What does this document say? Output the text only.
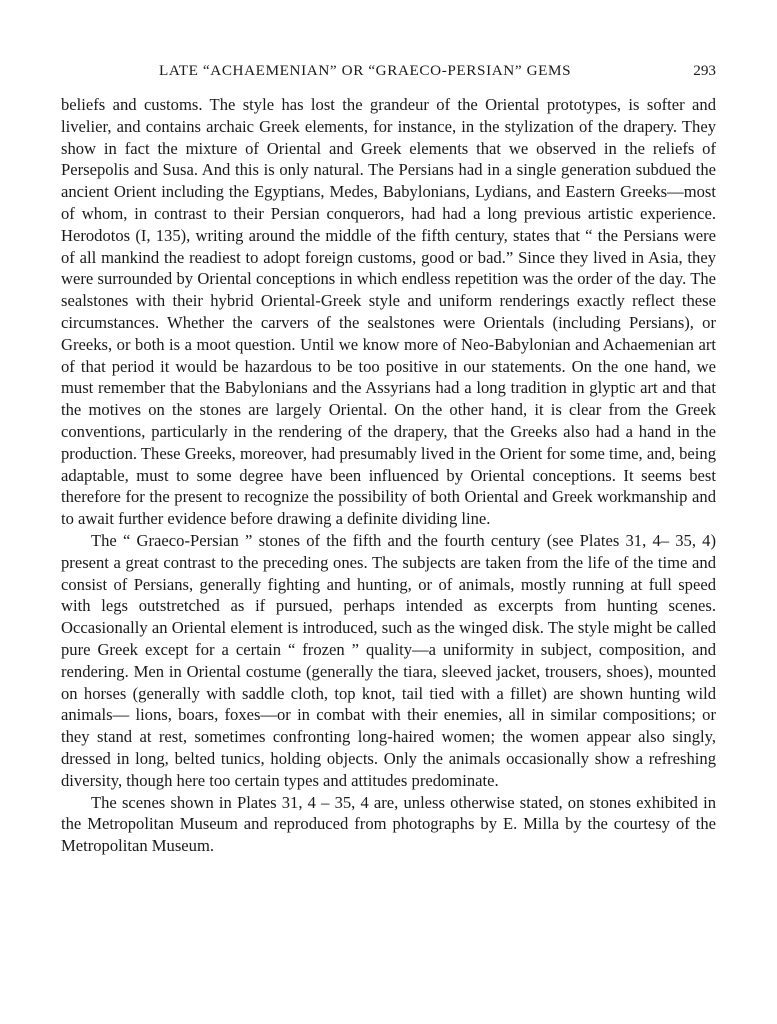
LATE “ACHAEMENIAN” OR “GRAECO-PERSIAN” GEMS	293

beliefs and customs. The style has lost the grandeur of the Oriental prototypes, is softer and livelier, and contains archaic Greek elements, for instance, in the stylization of the drapery. They show in fact the mixture of Oriental and Greek elements that we observed in the reliefs of Persepolis and Susa. And this is only natural. The Persians had in a single generation subdued the ancient Orient including the Egyptians, Medes, Babylonians, Lydians, and Eastern Greeks—most of whom, in contrast to their Persian conquerors, had had a long previous artistic experience. Herodotos (I, 135), writing around the middle of the fifth century, states that “ the Persians were of all mankind the readiest to adopt foreign customs, good or bad.” Since they lived in Asia, they were surrounded by Oriental conceptions in which endless repetition was the order of the day. The sealstones with their hybrid Oriental-Greek style and uniform renderings exactly reflect these circumstances. Whether the carvers of the sealstones were Orientals (including Persians), or Greeks, or both is a moot question. Until we know more of Neo-Babylonian and Achaemenian art of that period it would be hazardous to be too positive in our statements. On the one hand, we must remember that the Babylonians and the Assyrians had a long tradition in glyptic art and that the motives on the stones are largely Oriental. On the other hand, it is clear from the Greek conventions, particularly in the rendering of the drapery, that the Greeks also had a hand in the production. These Greeks, moreover, had presumably lived in the Orient for some time, and, being adaptable, must to some degree have been influenced by Oriental conceptions. It seems best therefore for the present to recognize the possibility of both Oriental and Greek workmanship and to await further evidence before drawing a definite dividing line.

The “ Graeco-Persian ” stones of the fifth and the fourth century (see Plates 31, 4– 35, 4) present a great contrast to the preceding ones. The subjects are taken from the life of the time and consist of Persians, generally fighting and hunting, or of animals, mostly running at full speed with legs outstretched as if pursued, perhaps intended as excerpts from hunting scenes. Occasionally an Oriental element is introduced, such as the winged disk. The style might be called pure Greek except for a certain “ frozen ” quality—a uniformity in subject, composition, and rendering. Men in Oriental costume (generally the tiara, sleeved jacket, trousers, shoes), mounted on horses (generally with saddle cloth, top knot, tail tied with a fillet) are shown hunting wild animals— lions, boars, foxes—or in combat with their enemies, all in similar compositions; or they stand at rest, sometimes confronting long-haired women; the women appear also singly, dressed in long, belted tunics, holding objects. Only the animals occasionally show a refreshing diversity, though here too certain types and attitudes predominate.

The scenes shown in Plates 31, 4 – 35, 4 are, unless otherwise stated, on stones exhibited in the Metropolitan Museum and reproduced from photographs by E. Milla by the courtesy of the Metropolitan Museum.
